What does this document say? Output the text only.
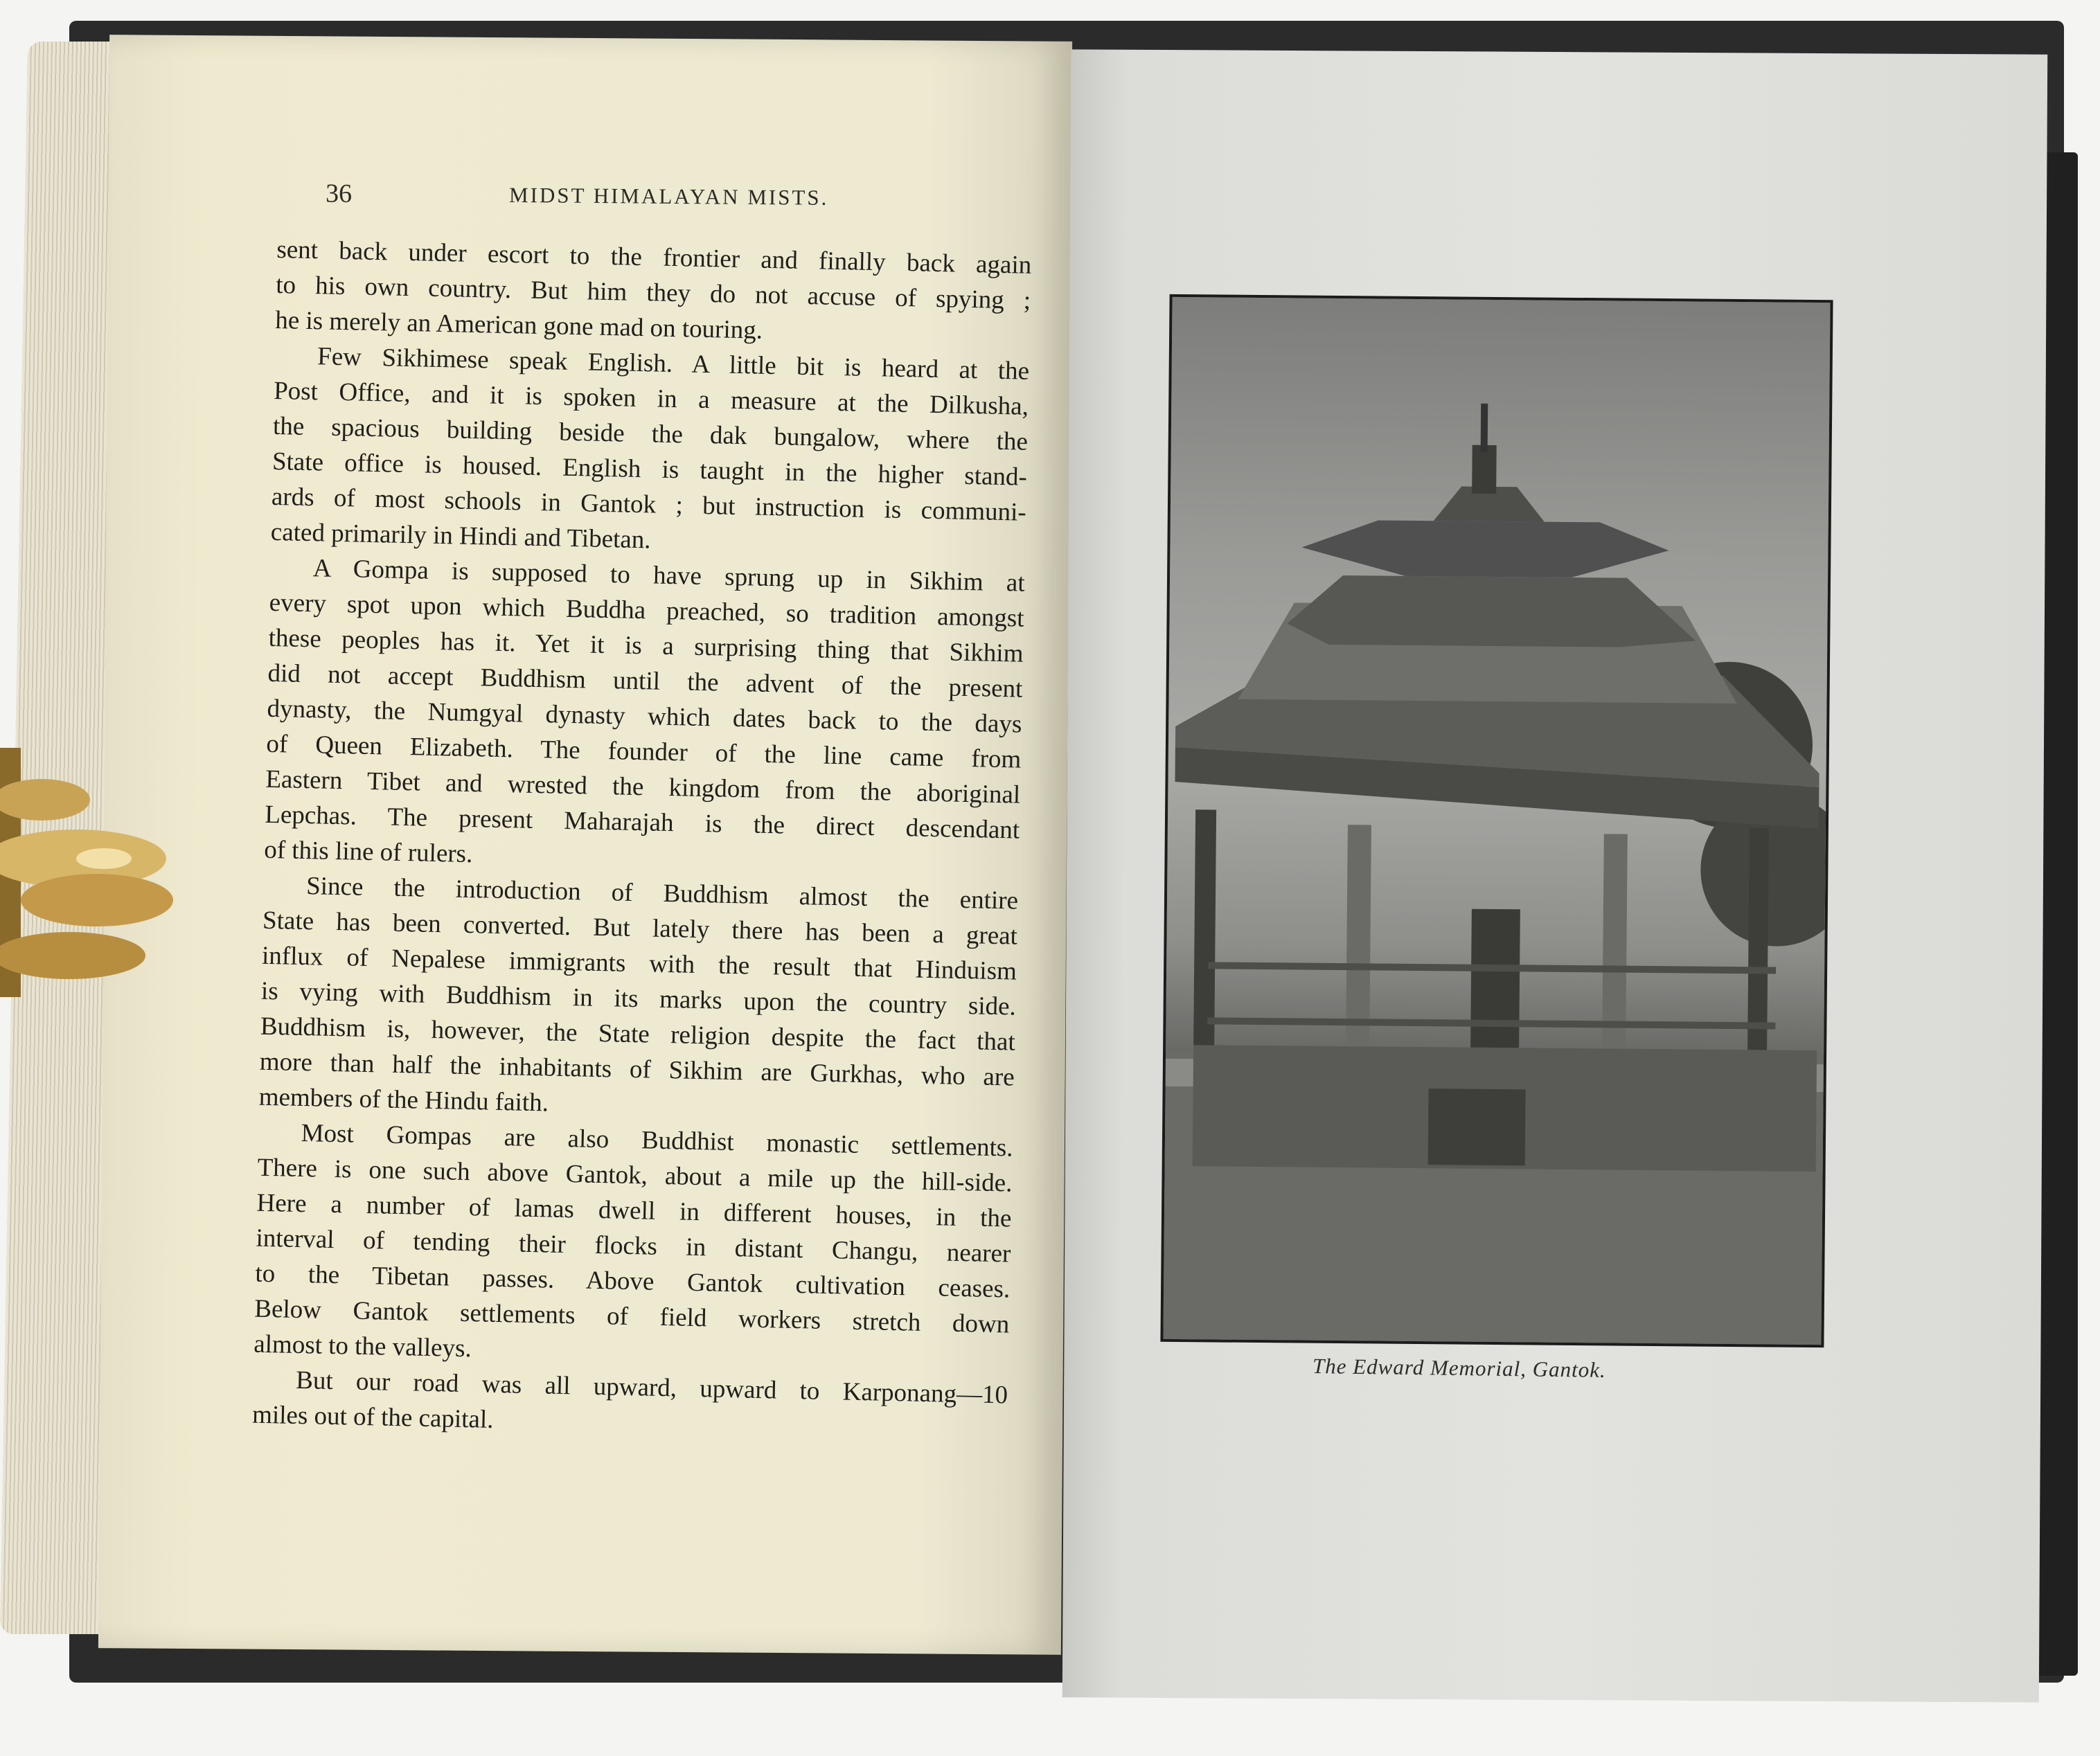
36	MIDST HIMALAYAN MISTS.
sent back under escort to the frontier and finally back again
to his own country. But him they do not accuse of spying ;
he is merely an American gone mad on touring.
Few Sikhimese speak English. A little bit is heard at the
Post Office, and it is spoken in a measure at the Dilkusha,
the spacious building beside the dak bungalow, where the
State office is housed. English is taught in the higher stand-
ards of most schools in Gantok ; but instruction is communi-
cated primarily in Hindi and Tibetan.
A Gompa is supposed to have sprung up in Sikhim at
every spot upon which Buddha preached, so tradition amongst
these peoples has it. Yet it is a surprising thing that Sikhim
did not accept Buddhism until the advent of the present
dynasty, the Numgyal dynasty which dates back to the days
of Queen Elizabeth. The founder of the line came from
Eastern Tibet and wrested the kingdom from the aboriginal
Lepchas. The present Maharajah is the direct descendant
of this line of rulers.
Since the introduction of Buddhism almost the entire
State has been converted. But lately there has been a great
influx of Nepalese immigrants with the result that Hinduism
is vying with Buddhism in its marks upon the country side.
Buddhism is, however, the State religion despite the fact that
more than half the inhabitants of Sikhim are Gurkhas, who are
members of the Hindu faith.
Most Gompas are also Buddhist monastic settlements.
There is one such above Gantok, about a mile up the hill-side.
Here a number of lamas dwell in different houses, in the
interval of tending their flocks in distant Changu, nearer
to the Tibetan passes. Above Gantok cultivation ceases.
Below Gantok settlements of field workers stretch down
almost to the valleys.
But our road was all upward, upward to Karponang—10
miles out of the capital.
The Edward Memorial, Gantok.
